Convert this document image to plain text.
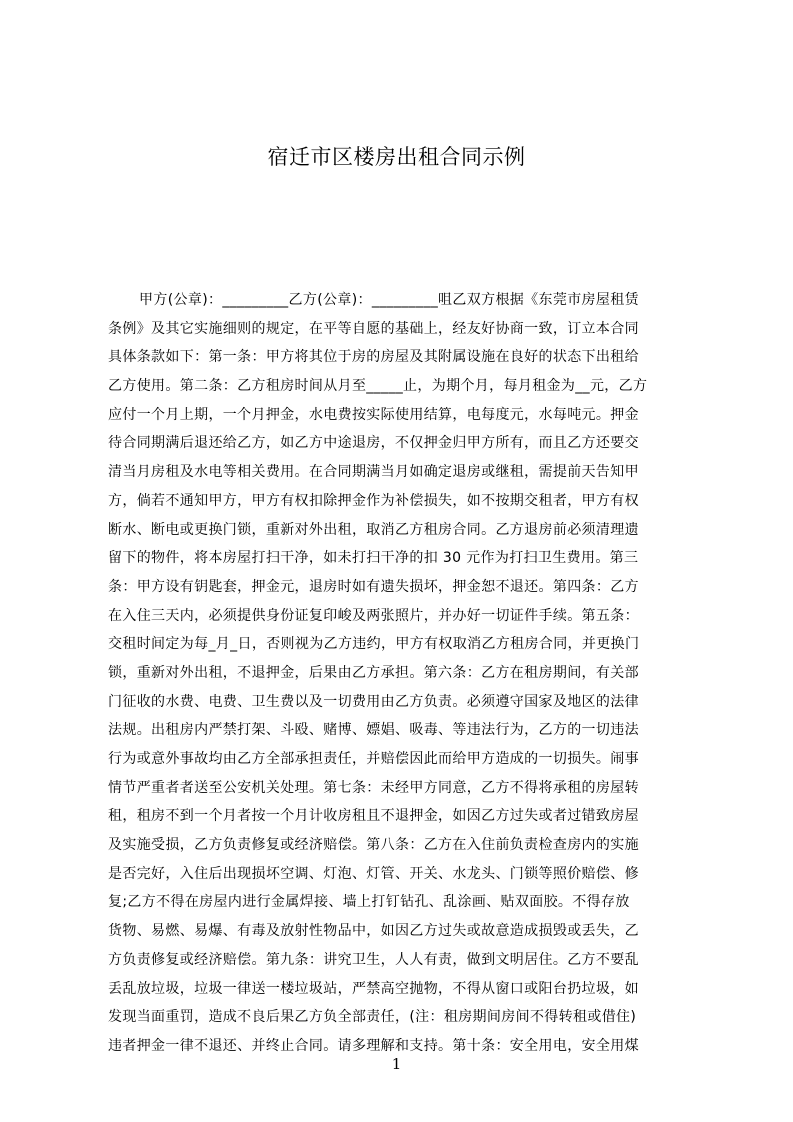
宿迁市区楼房出租合同示例
甲方(公章)：_________乙方(公章)：_________咀乙双方根据《东莞市房屋租赁
条例》及其它实施细则的规定，在平等自愿的基础上，经友好协商一致，订立本合同
具体条款如下：第一条：甲方将其位于房的房屋及其附属设施在良好的状态下出租给
乙方使用。第二条：乙方租房时间从月至_____止，为期个月，每月租金为__元，乙方
应付一个月上期，一个月押金，水电费按实际使用结算，电每度元，水每吨元。押金
待合同期满后退还给乙方，如乙方中途退房，不仅押金归甲方所有，而且乙方还要交
清当月房租及水电等相关费用。在合同期满当月如确定退房或继租，需提前天告知甲
方，倘若不通知甲方，甲方有权扣除押金作为补偿损失，如不按期交租者，甲方有权
断水、断电或更换门锁，重新对外出租，取消乙方租房合同。乙方退房前必须清理遗
留下的物件，将本房屋打扫干净，如未打扫干净的扣 30 元作为打扫卫生费用。第三
条：甲方设有钥匙套，押金元，退房时如有遗失损坏，押金恕不退还。第四条：乙方
在入住三天内，必须提供身份证复印峻及两张照片，并办好一切证件手续。第五条：
交租时间定为每_月_日，否则视为乙方违约，甲方有权取消乙方租房合同，并更换门
锁，重新对外出租，不退押金，后果由乙方承担。第六条：乙方在租房期间，有关部
门征收的水费、电费、卫生费以及一切费用由乙方负责。必须遵守国家及地区的法律
法规。出租房内严禁打架、斗殴、赌博、嫖娼、吸毒、等违法行为，乙方的一切违法
行为或意外事故均由乙方全部承担责任，并赔偿因此而给甲方造成的一切损失。闹事
情节严重者者送至公安机关处理。第七条：未经甲方同意，乙方不得将承租的房屋转
租，租房不到一个月者按一个月计收房租且不退押金，如因乙方过失或者过错致房屋
及实施受损，乙方负责修复或经济赔偿。第八条：乙方在入住前负责检查房内的实施
是否完好，入住后出现损坏空调、灯泡、灯管、开关、水龙头、门锁等照价赔偿、修
复;乙方不得在房屋内进行金属焊接、墙上打钉钻孔、乱涂画、贴双面胶。不得存放
货物、易燃、易爆、有毒及放射性物品中，如因乙方过失或故意造成损毁或丢失，乙
方负责修复或经济赔偿。第九条：讲究卫生，人人有责，做到文明居住。乙方不要乱
丢乱放垃圾，垃圾一律送一楼垃圾站，严禁高空抛物，不得从窗口或阳台扔垃圾，如
发现当面重罚，造成不良后果乙方负全部责任，(注：租房期间房间不得转租或借住)
违者押金一律不退还、并终止合同。请多理解和支持。第十条：安全用电，安全用煤
1
